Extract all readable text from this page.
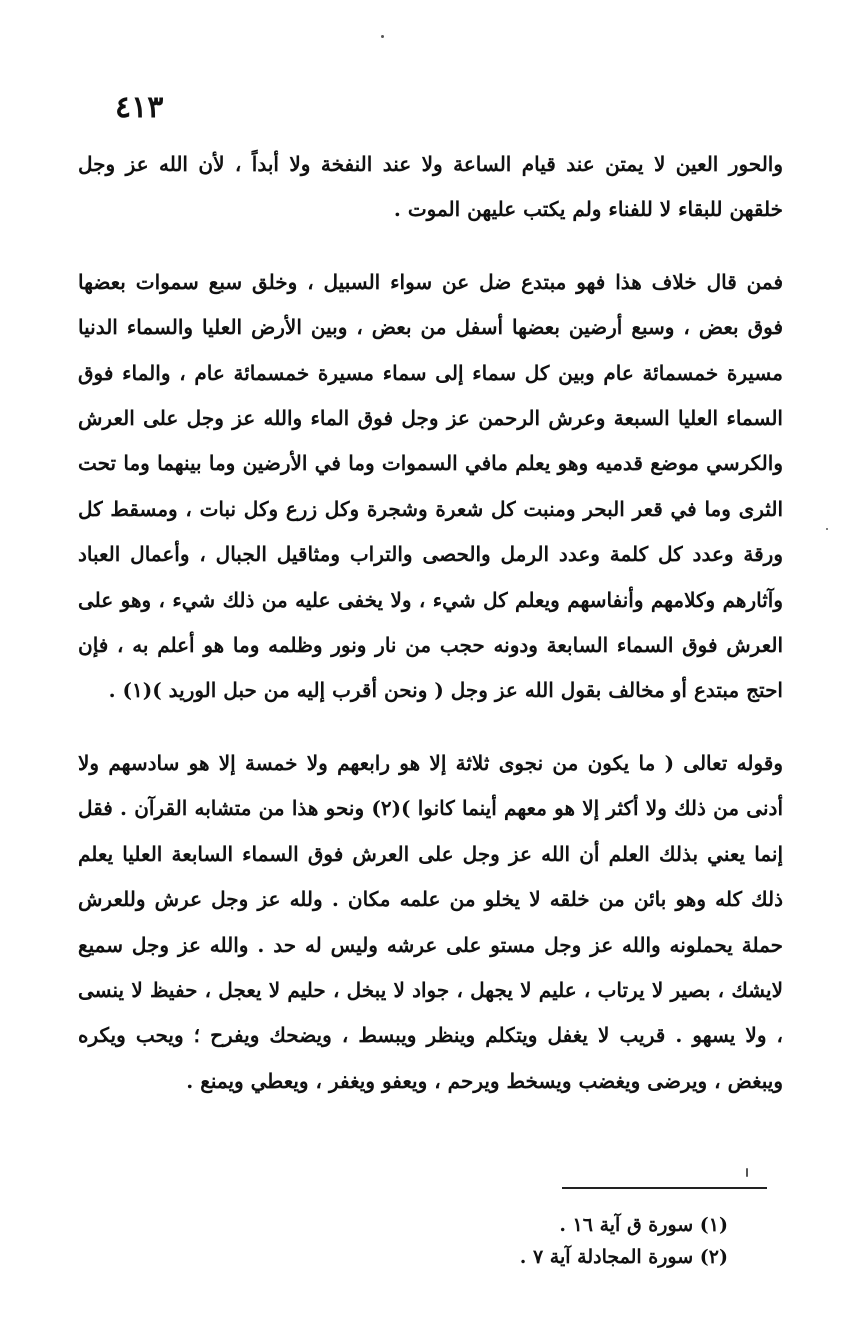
٤١٣

والحور العين لا يمتن عند قيام الساعة ولا عند النفخة ولا أبداً ، لأن الله عز وجل خلقهن للبقاء لا للفناء ولم يكتب عليهن الموت .

فمن قال خلاف هذا فهو مبتدع ضل عن سواء السبيل ، وخلق سبع سموات بعضها فوق بعض ، وسبع أرضين بعضها أسفل من بعض ، وبين الأرض العليا والسماء الدنيا مسيرة خمسمائة عام وبين كل سماء إلى سماء مسيرة خمسمائة عام ، والماء فوق السماء العليا السبعة وعرش الرحمن عز وجل فوق الماء والله عز وجل على العرش والكرسي موضع قدميه وهو يعلم مافي السموات وما في الأرضين وما بينهما وما تحت الثرى وما في قعر البحر ومنبت كل شعرة وشجرة وكل زرع وكل نبات ، ومسقط كل ورقة وعدد كل كلمة وعدد الرمل والحصى والتراب ومثاقيل الجبال ، وأعمال العباد وآثارهم وكلامهم وأنفاسهم ويعلم كل شيء ، ولا يخفى عليه من ذلك شيء ، وهو على العرش فوق السماء السابعة ودونه حجب من نار ونور وظلمه وما هو أعلم به ، فإن احتج مبتدع أو مخالف بقول الله عز وجل ( ونحن أقرب إليه من حبل الوريد )(١) .

وقوله تعالى ( ما يكون من نجوى ثلاثة إلا هو رابعهم ولا خمسة إلا هو سادسهم ولا أدنى من ذلك ولا أكثر إلا هو معهم أينما كانوا )(٢) ونحو هذا من متشابه القرآن . فقل إنما يعني بذلك العلم أن الله عز وجل على العرش فوق السماء السابعة العليا يعلم ذلك كله وهو بائن من خلقه لا يخلو من علمه مكان . ولله عز وجل عرش وللعرش حملة يحملونه والله عز وجل مستو على عرشه وليس له حد . والله عز وجل سميع لايشك ، بصير لا يرتاب ، عليم لا يجهل ، جواد لا يبخل ، حليم لا يعجل ، حفيظ لا ينسى ، ولا يسهو . قريب لا يغفل ويتكلم وينظر ويبسط ، ويضحك ويفرح ؛ ويحب ويكره ويبغض ، ويرضى ويغضب ويسخط ويرحم ، ويعفو ويغفر ، ويعطي ويمنع .

(١) سورة ق آية ١٦ .

(٢) سورة المجادلة آية ٧ .
